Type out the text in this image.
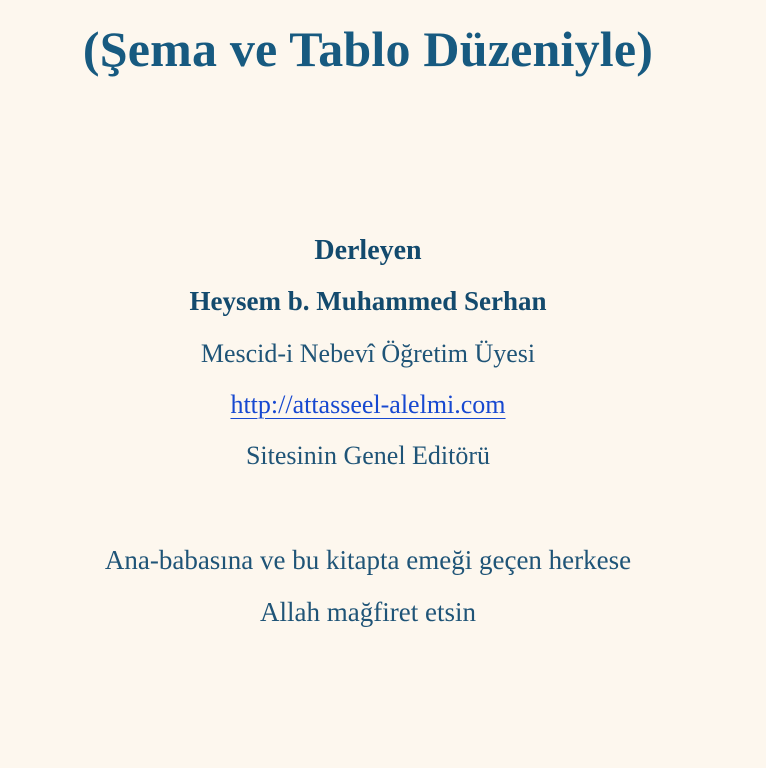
(Şema ve Tablo Düzeniyle)
Derleyen
Heysem b. Muhammed Serhan
Mescid-i Nebevî Öğretim Üyesi
http://attasseel-alelmi.com
Sitesinin Genel Editörü
Ana-babasına ve bu kitapta emeği geçen herkese
Allah mağfiret etsin
